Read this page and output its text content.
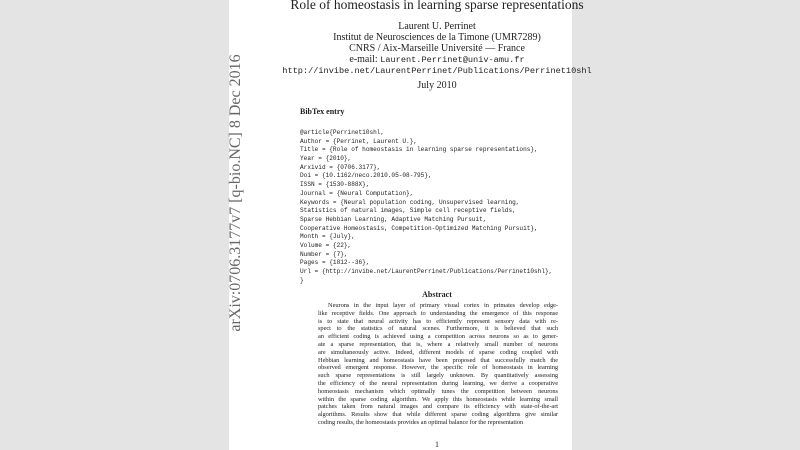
arXiv:0706.3177v7 [q-bio.NC] 8 Dec 2016
Role of homeostasis in learning sparse representations
Laurent U. Perrinet
Institut de Neurosciences de la Timone (UMR7289)
CNRS / Aix-Marseille Université — France
e-mail: Laurent.Perrinet@univ-amu.fr
http://invibe.net/LaurentPerrinet/Publications/Perrinet10shl
July 2010
BibTex entry
@article{Perrinet10shl,
Author = {Perrinet, Laurent U.},
Title = {Role of homeostasis in learning sparse representations},
Year = {2010},
Arxivid = {0706.3177},
Doi = {10.1162/neco.2010.05-08-795},
ISSN = {1530-888X},
Journal = {Neural Computation},
Keywords = {Neural population coding, Unsupervised learning,
Statistics of natural images, Simple cell receptive fields,
Sparse Hebbian Learning, Adaptive Matching Pursuit,
Cooperative Homeostasis, Competition-Optimized Matching Pursuit},
Month = {July},
Volume = {22},
Number = {7},
Pages = {1812--36},
Url = {http://invibe.net/LaurentPerrinet/Publications/Perrinet10shl},
}
Abstract
Neurons in the input layer of primary visual cortex in primates develop edge-
like receptive fields. One approach to understanding the emergence of this response
is to state that neural activity has to efficiently represent sensory data with re-
spect to the statistics of natural scenes. Furthermore, it is believed that such
an efficient coding is achieved using a competition across neurons so as to gener-
ate a sparse representation, that is, where a relatively small number of neurons
are simultaneously active. Indeed, different models of sparse coding coupled with
Hebbian learning and homeostasis have been proposed that successfully match the
observed emergent response. However, the specific role of homeostasis in learning
such sparse representations is still largely unknown. By quantitatively assessing
the efficiency of the neural representation during learning, we derive a cooperative
homeostasis mechanism which optimally tunes the competition between neurons
within the sparse coding algorithm. We apply this homeostasis while learning small
patches taken from natural images and compare its efficiency with state-of-the-art
algorithms. Results show that while different sparse coding algorithms give similar
coding results, the homeostasis provides an optimal balance for the representation
1
